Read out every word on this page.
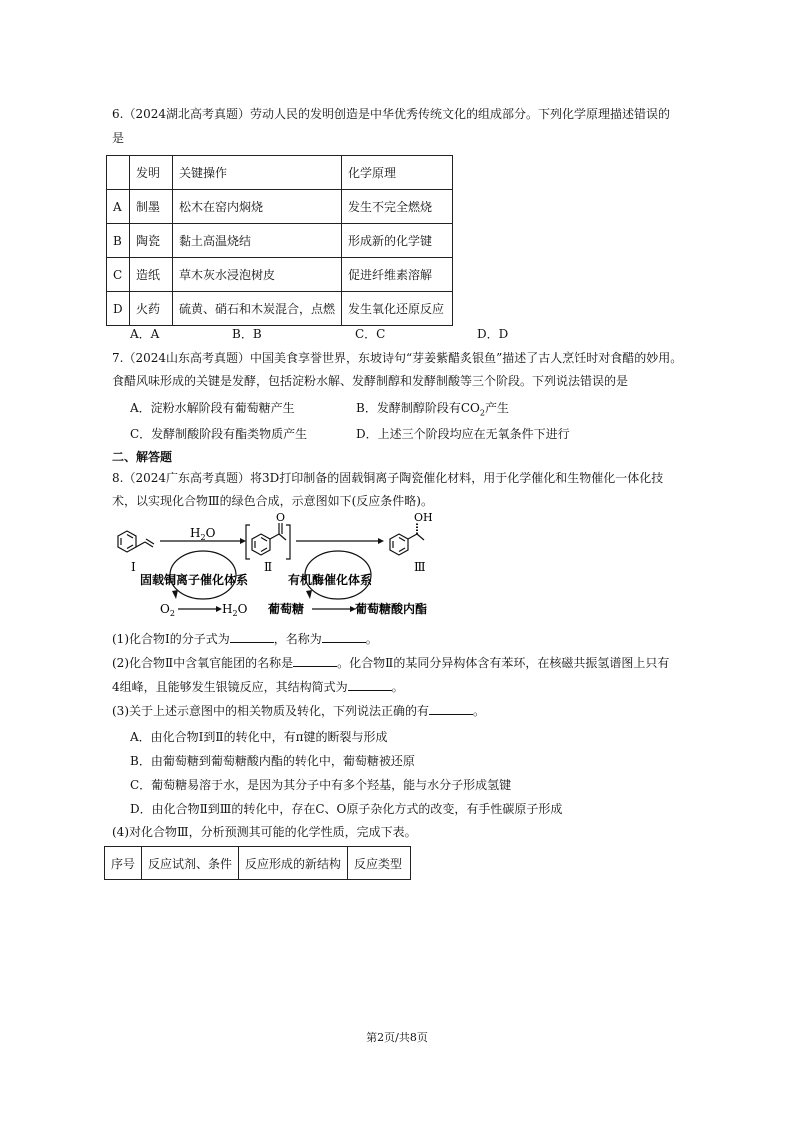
6.（2024湖北高考真题）劳动人民的发明创造是中华优秀传统文化的组成部分。下列化学原理描述错误的
是
	发明	关键操作	化学原理
A	制墨	松木在窑内焖烧	发生不完全燃烧
B	陶瓷	黏土高温烧结	形成新的化学键
C	造纸	草木灰水浸泡树皮	促进纤维素溶解
D	火药	硫黄、硝石和木炭混合，点燃	发生氧化还原反应
A．A	B．B	C．C	D．D
7.（2024山东高考真题）中国美食享誉世界，东坡诗句“芽姜紫醋炙银鱼”描述了古人烹饪时对食醋的妙用。
食醋风味形成的关键是发酵，包括淀粉水解、发酵制醇和发酵制酸等三个阶段。下列说法错误的是
A．淀粉水解阶段有葡萄糖产生	B．发酵制醇阶段有$CO_2$产生
C．发酵制酸阶段有酯类物质产生	D．上述三个阶段均应在无氧条件下进行
二、解答题
8.（2024广东高考真题）将3D打印制备的固载铜离子陶瓷催化材料，用于化学催化和生物催化一体化技
术，以实现化合物Ⅲ的绿色合成，示意图如下(反应条件略)。
Ⅰ
$H_2O$
固载铜离子催化体系
$O_2$	$H_2O$
O
Ⅱ
有机酶催化体系
葡萄糖	葡萄糖酸内酯
OH
Ⅲ
(1)化合物Ⅰ的分子式为	，名称为	。
(2)化合物Ⅱ中含氧官能团的名称是	。化合物Ⅱ的某同分异构体含有苯环，在核磁共振氢谱图上只有
4组峰，且能够发生银镜反应，其结构简式为	。
(3)关于上述示意图中的相关物质及转化，下列说法正确的有	。
A．由化合物Ⅰ到Ⅱ的转化中，有π键的断裂与形成
B．由葡萄糖到葡萄糖酸内酯的转化中，葡萄糖被还原
C．葡萄糖易溶于水，是因为其分子中有多个羟基，能与水分子形成氢键
D．由化合物Ⅱ到Ⅲ的转化中，存在C、O原子杂化方式的改变，有手性碳原子形成
(4)对化合物Ⅲ，分析预测其可能的化学性质，完成下表。
序号	反应试剂、条件	反应形成的新结构	反应类型
第2页/共8页
